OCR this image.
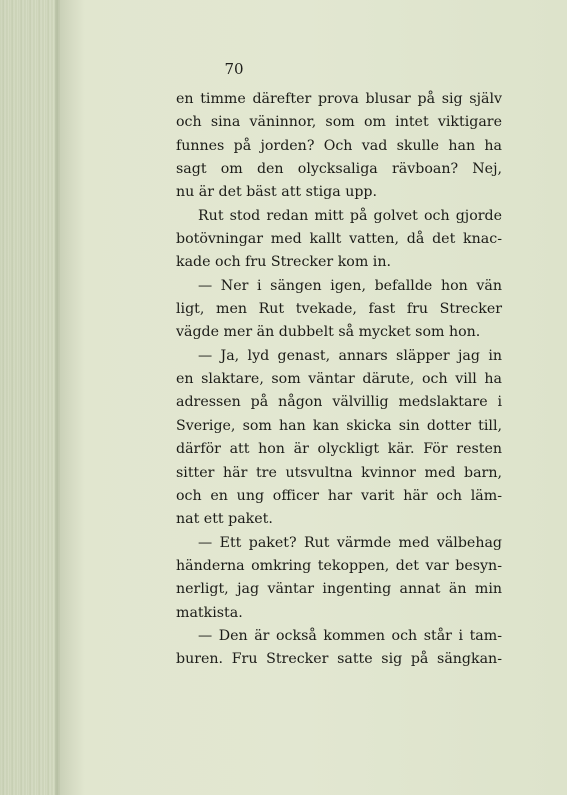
70
en timme därefter prova blusar på sig själv
och sina väninnor, som om intet viktigare
funnes på jorden? Och vad skulle han ha
sagt om den olycksaliga rävboan? Nej,
nu är det bäst att stiga upp.
Rut stod redan mitt på golvet och gjorde
botövningar med kallt vatten, då det knac-
kade och fru Strecker kom in.
— Ner i sängen igen, befallde hon vän
ligt, men Rut tvekade, fast fru Strecker
vägde mer än dubbelt så mycket som hon.
— Ja, lyd genast, annars släpper jag in
en slaktare, som väntar därute, och vill ha
adressen på någon välvillig medslaktare i
Sverige, som han kan skicka sin dotter till,
därför att hon är olyckligt kär. För resten
sitter här tre utsvultna kvinnor med barn,
och en ung officer har varit här och läm-
nat ett paket.
— Ett paket? Rut värmde med välbehag
händerna omkring tekoppen, det var besyn-
nerligt, jag väntar ingenting annat än min
matkista.
— Den är också kommen och står i tam-
buren. Fru Strecker satte sig på sängkan-
